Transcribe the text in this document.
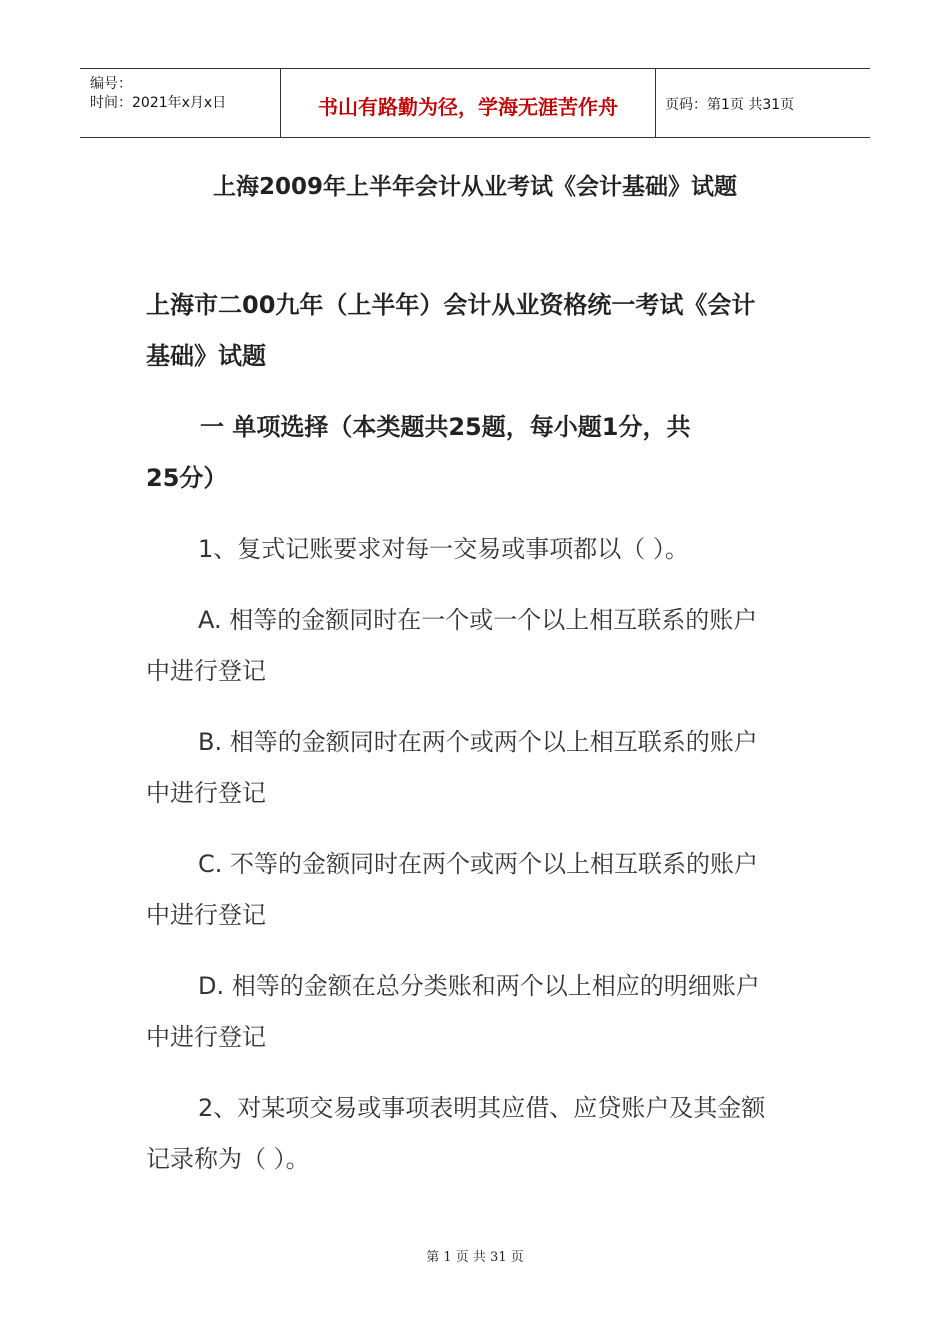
编号：
时间：2021年x月x日	书山有路勤为径，学海无涯苦作舟	页码：第1页 共31页
上海2009年上半年会计从业考试《会计基础》试题
上海市二00九年（上半年）会计从业资格统一考试《会计
基础》试题
一 单项选择（本类题共25题，每小题1分，共
25分）
1、复式记账要求对每一交易或事项都以（ ）。
A. 相等的金额同时在一个或一个以上相互联系的账户
中进行登记
B. 相等的金额同时在两个或两个以上相互联系的账户
中进行登记
C. 不等的金额同时在两个或两个以上相互联系的账户
中进行登记
D. 相等的金额在总分类账和两个以上相应的明细账户
中进行登记
2、对某项交易或事项表明其应借、应贷账户及其金额
记录称为（ ）。
第 1 页 共 31 页
